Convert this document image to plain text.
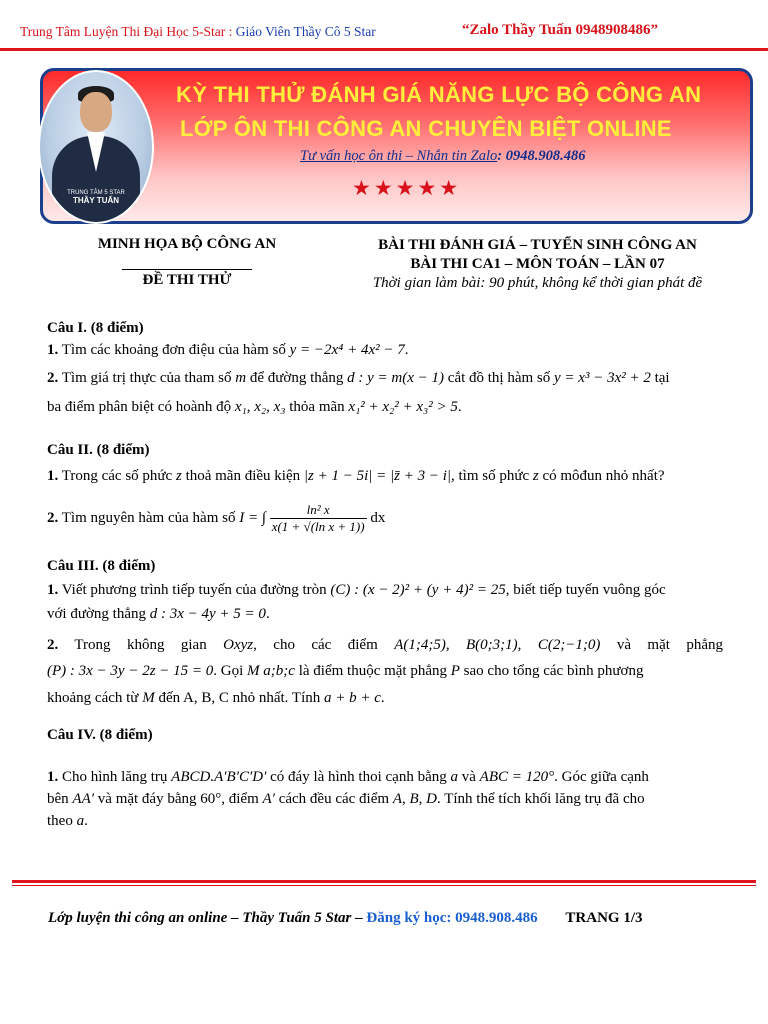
Trung Tâm Luyện Thi Đại Học 5-Star : Giáo Viên Thầy Cô 5 Star	“Zalo Thầy Tuấn 0948908486”
TRUNG TÂM 5 STAR
THẦY TUẤN
KỲ THI THỬ ĐÁNH GIÁ NĂNG LỰC BỘ CÔNG AN
LỚP ÔN THI CÔNG AN CHUYÊN BIỆT ONLINE
Tư vấn học ôn thi – Nhắn tin Zalo: 0948.908.486
★★★★★
MINH HỌA BỘ CÔNG AN
ĐỀ THI THỬ
BÀI THI ĐÁNH GIÁ – TUYỂN SINH CÔNG AN
BÀI THI CA1 – MÔN TOÁN – LẦN 07
Thời gian làm bài: 90 phút, không kể thời gian phát đề
Câu I. (8 điểm)
1. Tìm các khoảng đơn điệu của hàm số y = −2x⁴ + 4x² − 7.
2. Tìm giá trị thực của tham số m để đường thẳng d : y = m(x − 1) cắt đồ thị hàm số y = x³ − 3x² + 2 tại
ba điểm phân biệt có hoành độ x₁, x₂, x₃ thỏa mãn x₁² + x₂² + x₃² > 5.
Câu II. (8 điểm)
1. Trong các số phức z thoả mãn điều kiện |z + 1 − 5i| = |z̄ + 3 − i|, tìm số phức z có môđun nhỏ nhất?
2. Tìm nguyên hàm của hàm số I = ∫ $\frac{\text{ln² x}}{\text{x(1 + √(ln x + 1))}}$ dx
Câu III. (8 điểm)
1. Viết phương trình tiếp tuyến của đường tròn (C) : (x − 2)² + (y + 4)² = 25, biết tiếp tuyến vuông góc
với đường thẳng d : 3x − 4y + 5 = 0.
2. Trong không gian Oxyz, cho các điểm A(1;4;5), B(0;3;1), C(2;−1;0) và mặt phẳng
(P) : 3x − 3y − 2z − 15 = 0. Gọi M a;b;c là điểm thuộc mặt phẳng P sao cho tổng các bình phương
khoảng cách từ M đến A, B, C nhỏ nhất. Tính a + b + c.
Câu IV. (8 điểm)
1. Cho hình lăng trụ ABCD.A′B′C′D′ có đáy là hình thoi cạnh bằng a và ABC = 120°. Góc giữa cạnh
bên AA′ và mặt đáy bằng 60°, điểm A′ cách đều các điểm A, B, D. Tính thể tích khối lăng trụ đã cho
theo a.
Lớp luyện thi công an online – Thầy Tuấn 5 Star – Đăng ký học: 0948.908.486 TRANG 1/3
